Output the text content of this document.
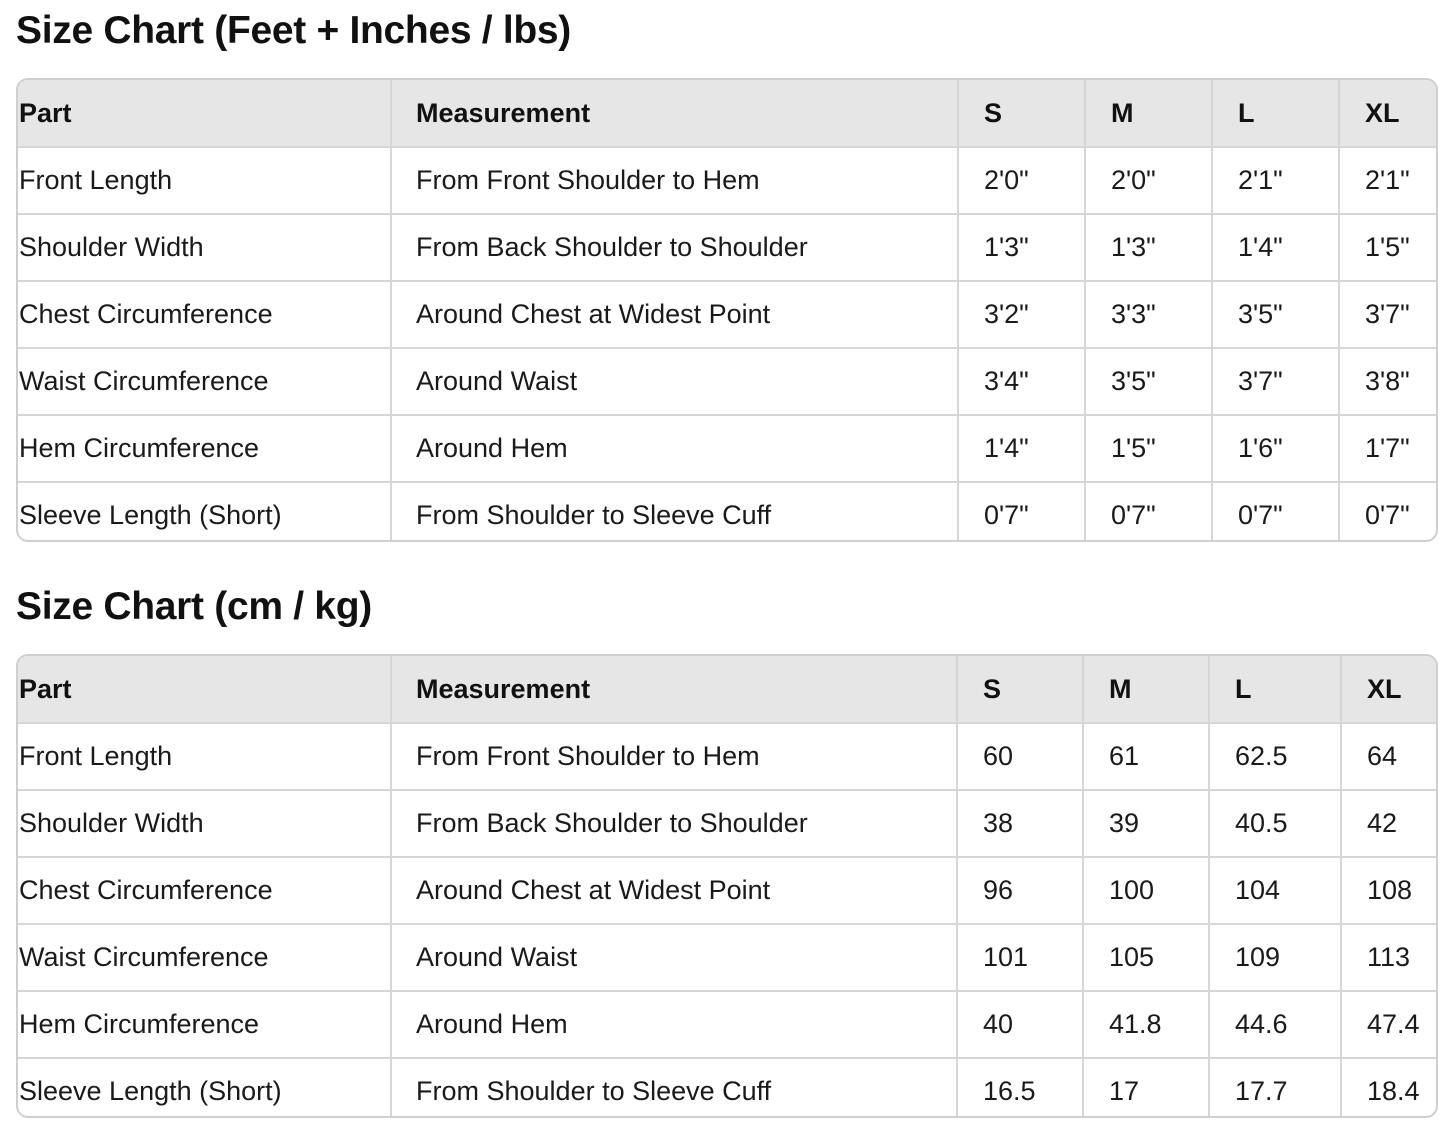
Size Chart (Feet + Inches / lbs)
Part	Measurement	S	M	L	XL
Front Length	From Front Shoulder to Hem	2'0"	2'0"	2'1"	2'1"
Shoulder Width	From Back Shoulder to Shoulder	1'3"	1'3"	1'4"	1'5"
Chest Circumference	Around Chest at Widest Point	3'2"	3'3"	3'5"	3'7"
Waist Circumference	Around Waist	3'4"	3'5"	3'7"	3'8"
Hem Circumference	Around Hem	1'4"	1'5"	1'6"	1'7"
Sleeve Length (Short)	From Shoulder to Sleeve Cuff	0'7"	0'7"	0'7"	0'7"
Size Chart (cm / kg)
Part	Measurement	S	M	L	XL
Front Length	From Front Shoulder to Hem	60	61	62.5	64
Shoulder Width	From Back Shoulder to Shoulder	38	39	40.5	42
Chest Circumference	Around Chest at Widest Point	96	100	104	108
Waist Circumference	Around Waist	101	105	109	113
Hem Circumference	Around Hem	40	41.8	44.6	47.4
Sleeve Length (Short)	From Shoulder to Sleeve Cuff	16.5	17	17.7	18.4
